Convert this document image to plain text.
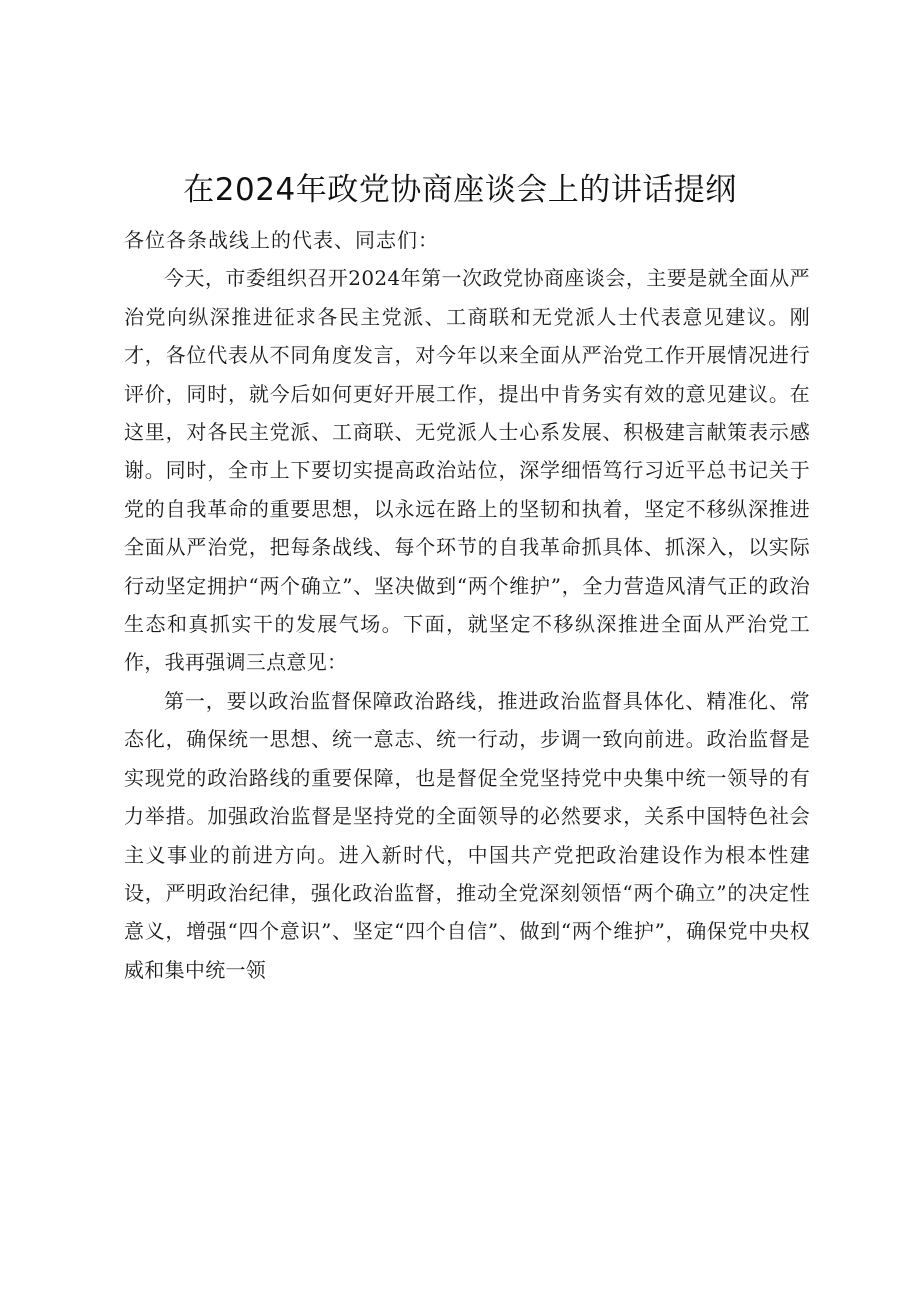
在2024年政党协商座谈会上的讲话提纲

各位各条战线上的代表、同志们：

今天，市委组织召开2024年第一次政党协商座谈会，主要是就全面从严治党向纵深推进征求各民主党派、工商联和无党派人士代表意见建议。刚才，各位代表从不同角度发言，对今年以来全面从严治党工作开展情况进行评价，同时，就今后如何更好开展工作，提出中肯务实有效的意见建议。在这里，对各民主党派、工商联、无党派人士心系发展、积极建言献策表示感谢。同时，全市上下要切实提高政治站位，深学细悟笃行习近平总书记关于党的自我革命的重要思想，以永远在路上的坚韧和执着，坚定不移纵深推进全面从严治党，把每条战线、每个环节的自我革命抓具体、抓深入，以实际行动坚定拥护“两个确立”、坚决做到“两个维护”，全力营造风清气正的政治生态和真抓实干的发展气场。下面，就坚定不移纵深推进全面从严治党工作，我再强调三点意见：

第一，要以政治监督保障政治路线，推进政治监督具体化、精准化、常态化，确保统一思想、统一意志、统一行动，步调一致向前进。政治监督是实现党的政治路线的重要保障，也是督促全党坚持党中央集中统一领导的有力举措。加强政治监督是坚持党的全面领导的必然要求，关系中国特色社会主义事业的前进方向。进入新时代，中国共产党把政治建设作为根本性建设，严明政治纪律，强化政治监督，推动全党深刻领悟“两个确立”的决定性意义，增强“四个意识”、坚定“四个自信”、做到“两个维护”，确保党中央权威和集中统一领
